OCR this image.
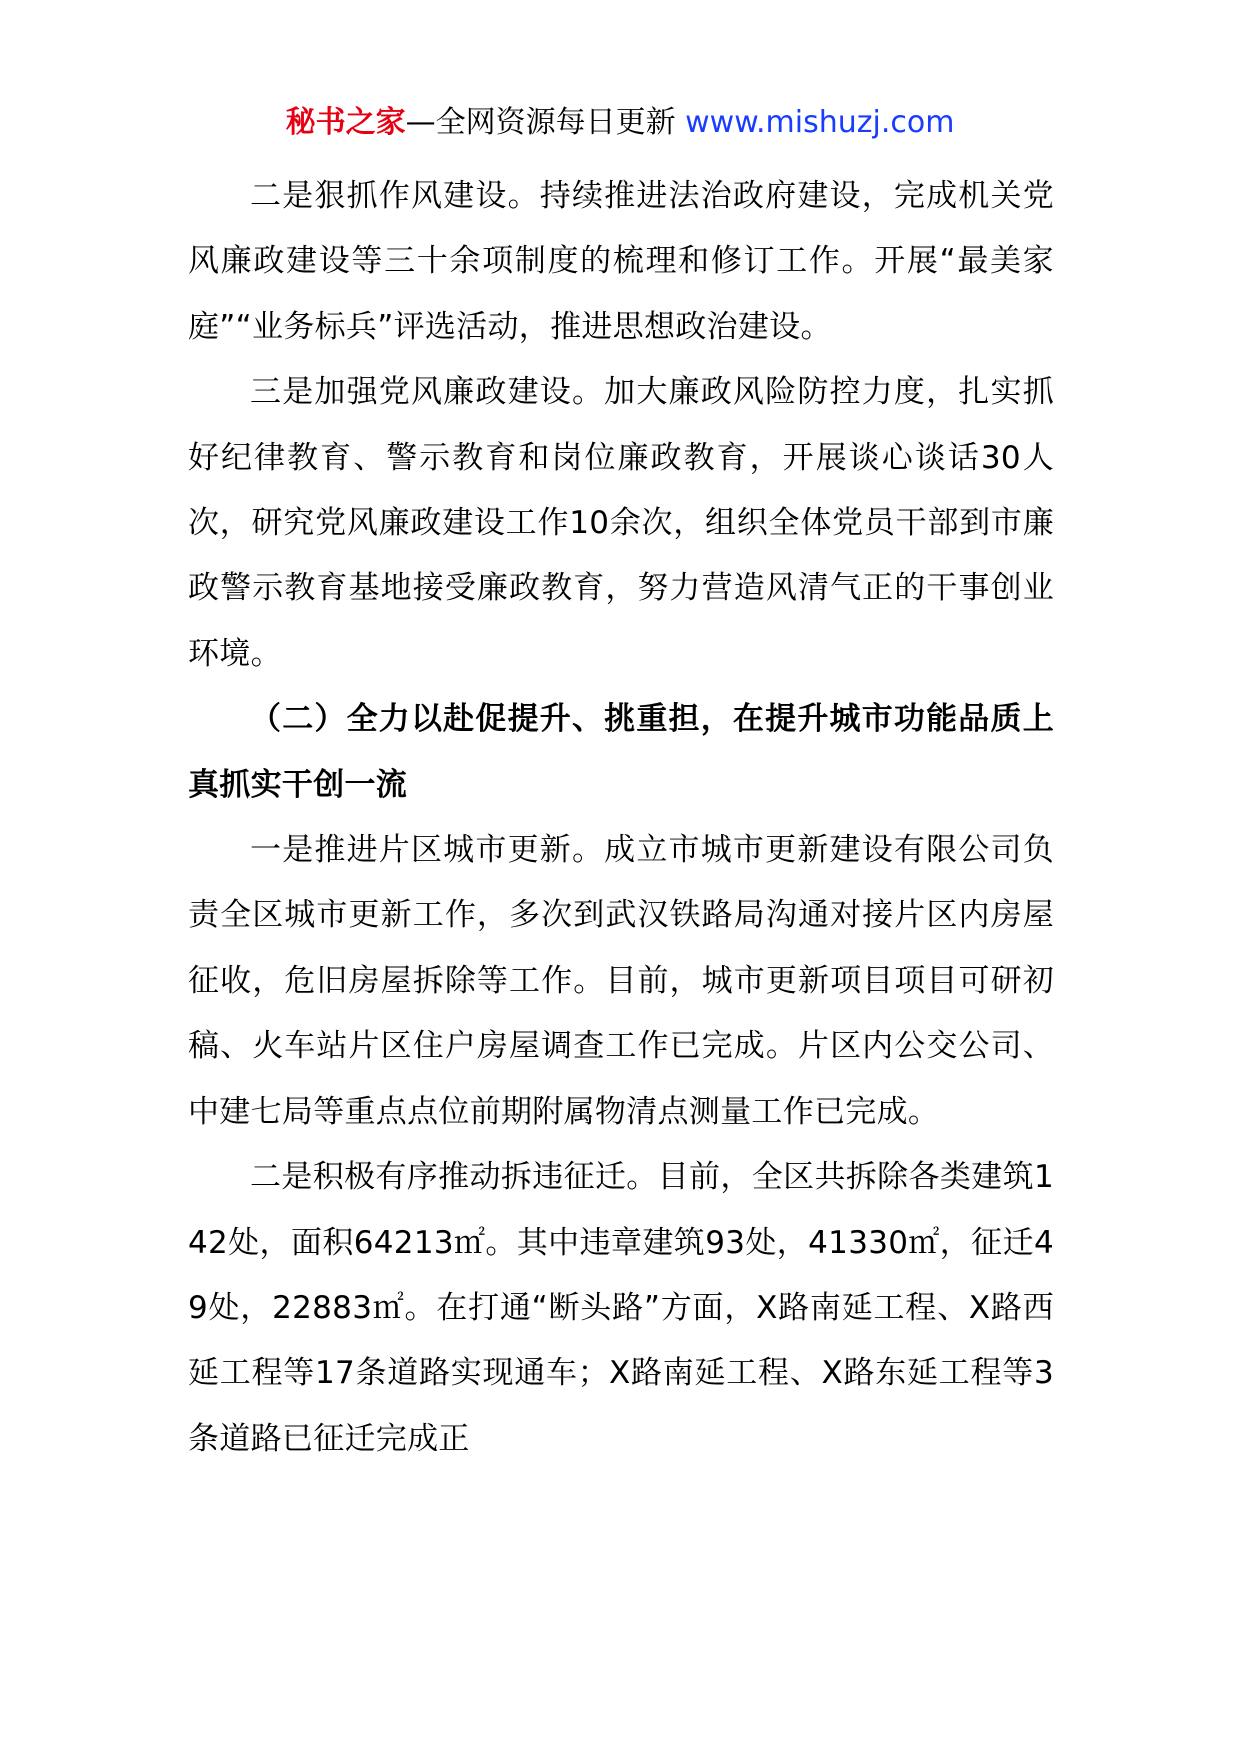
秘书之家—全网资源每日更新 www.mishuzj.com

二是狠抓作风建设。持续推进法治政府建设，完成机关党风廉政建设等三十余项制度的梳理和修订工作。开展“最美家庭”“业务标兵”评选活动，推进思想政治建设。

三是加强党风廉政建设。加大廉政风险防控力度，扎实抓好纪律教育、警示教育和岗位廉政教育，开展谈心谈话30人次，研究党风廉政建设工作10余次，组织全体党员干部到市廉政警示教育基地接受廉政教育，努力营造风清气正的干事创业环境。

（二）全力以赴促提升、挑重担，在提升城市功能品质上真抓实干创一流

一是推进片区城市更新。成立市城市更新建设有限公司负责全区城市更新工作，多次到武汉铁路局沟通对接片区内房屋征收，危旧房屋拆除等工作。目前，城市更新项目项目可研初稿、火车站片区住户房屋调查工作已完成。片区内公交公司、中建七局等重点点位前期附属物清点测量工作已完成。

二是积极有序推动拆违征迁。目前，全区共拆除各类建筑142处，面积64213㎡。其中违章建筑93处，41330㎡，征迁49处，22883㎡。在打通“断头路”方面，X路南延工程、X路西延工程等17条道路实现通车；X路南延工程、X路东延工程等3条道路已征迁完成正
